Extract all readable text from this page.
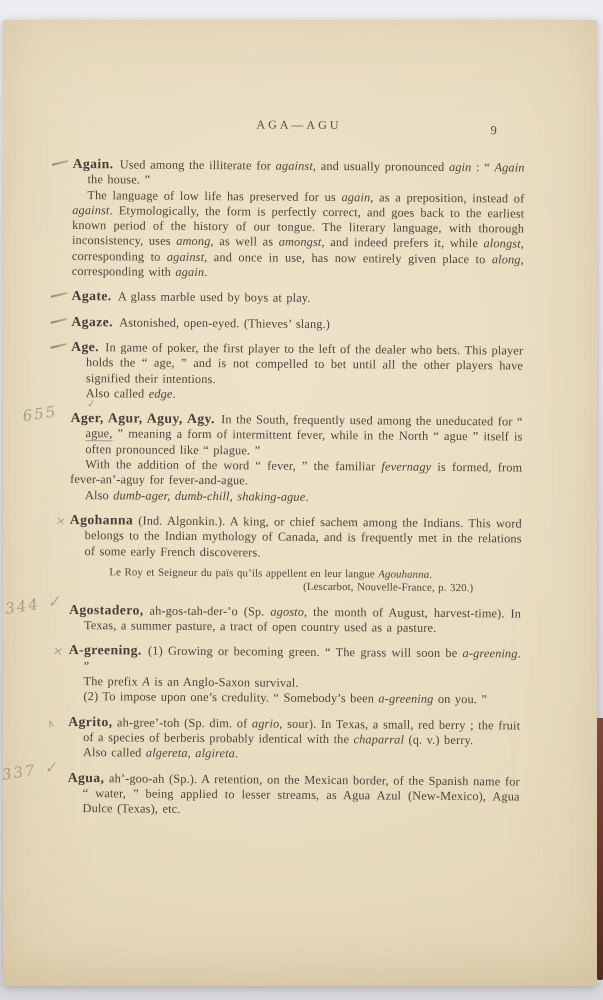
AGA—AGU	9

Again. Used among the illiterate for against, and usually pronounced agin : “ Again the house. ”

The language of low life has preserved for us again, as a preposition, instead of against. Etymologically, the form is perfectly correct, and goes back to the earliest known period of the history of our tongue. The literary language, with thorough inconsistency, uses among, as well as amongst, and indeed prefers it, while alongst, corresponding to against, and once in use, has now entirely given place to along, corresponding with again.

Agate. A glass marble used by boys at play.

Agaze. Astonished, open-eyed. (Thieves’ slang.)

Age. In game of poker, the first player to the left of the dealer who bets. This player holds the “ age, ” and is not compelled to bet until all the other players have signified their intentions.

Also called edge.

655	✓

Ager, Agur, Aguy, Agy. In the South, frequently used among the uneducated for “ ague, ” meaning a form of intermittent fever, while in the North “ ague ” itself is often pronounced like “ plague. ”

With the addition of the word “ fever, ” the familiar fevernagy is formed, from fever-an’-aguy for fever-and-ague.

Also dumb-ager, dumb-chill, shaking-ague.

× Agohanna (Ind. Algonkin.). A king, or chief sachem among the Indians. This word belongs to the Indian mythology of Canada, and is frequently met in the relations of some early French discoverers.

Le Roy et Seigneur du païs qu’ils appellent en leur langue Agouhanna.

(Lescarbot, Nouvelle-France, p. 320.)

344 ✓ Agostadero, ah-gos-tah-der-’o (Sp. agosto, the month of August, harvest-time). In Texas, a summer pasture, a tract of open country used as a pasture.

× A-greening. (1) Growing or becoming green. “ The grass will soon be a-greening. ”

The prefix A is an Anglo-Saxon survival.

(2) To impose upon one’s credulity. “ Somebody’s been a-greening on you. ”

∧ Agrito, ah-gree’-toh (Sp. dim. of agrio, sour). In Texas, a small, red berry ; the fruit of a species of berberis probably identical with the chaparral (q. v.) berry.

Also called algereta, algireta.

337 ✓ Agua, ah’-goo-ah (Sp.). A retention, on the Mexican border, of the Spanish name for “ water, ” being applied to lesser streams, as Agua Azul (New-Mexico), Agua Dulce (Texas), etc.
